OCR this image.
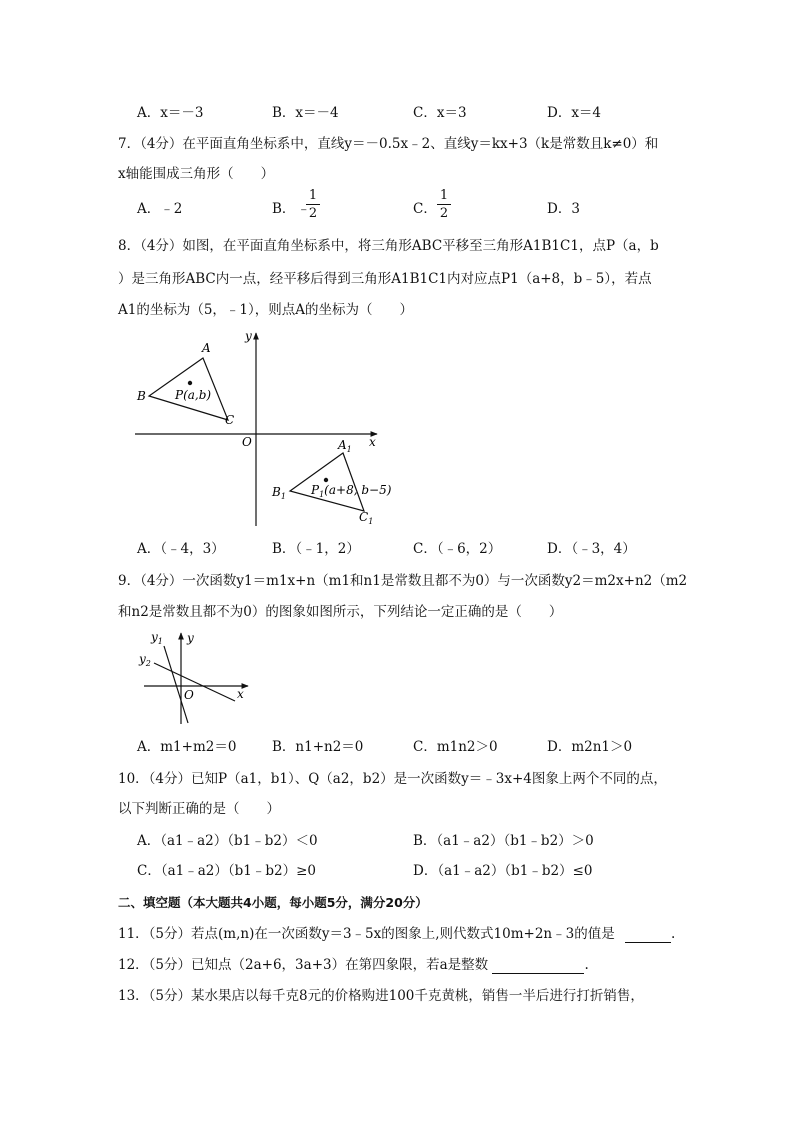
A．x＝－3	B．x＝－4	C．x＝3	D．x＝4
7．（4分）在平面直角坐标系中，直线y＝－0.5x﹣2、直线y＝kx+3（k是常数且k≠0）和
x轴能围成三角形（　　）
A．﹣2	B． ﹣
1
2	C．
1
2	D．3
8．（4分）如图，在平面直角坐标系中，将三角形ABC平移至三角形A1B1C1，点P（a，b
）是三角形ABC内一点，经平移后得到三角形A1B1C1内对应点P1（a+8，b﹣5），若点
A1的坐标为（5，﹣1），则点A的坐标为（　　）
y
x
O
A
B
C
P(a,b)
$A_1$
$B_1$
$C_1$
$P_1(a+8$, b−5)
A．（﹣4，3）	B．（﹣1，2）	C．（﹣6，2）	D．（﹣3，4）
9．（4分）一次函数y1＝m1x+n（m1和n1是常数且都不为0）与一次函数y2＝m2x+n2（m2
和n2是常数且都不为0）的图象如图所示，下列结论一定正确的是（　　）
$y_1$
$y_2$
y
x
O
A．m1+m2＝0	B．n1+n2＝0	C．m1n2＞0	D．m2n1＞0
10．（4分）已知P（a1，b1）、Q（a2，b2）是一次函数y＝﹣3x+4图象上两个不同的点，
以下判断正确的是（　　）
A．（a1﹣a2）（b1﹣b2）＜0	B．（a1﹣a2）（b1﹣b2）＞0
C．（a1﹣a2）（b1﹣b2）≥0	D．（a1﹣a2）（b1﹣b2）≤0
二、填空题（本大题共4小题，每小题5分，满分20分）
11．（5分）若点(m,n)在一次函数y＝3﹣5x的图象上,则代数式10m+2n﹣3的值是	.
12．（5分）已知点（2a+6，3a+3）在第四象限，若a是整数	.
13．（5分）某水果店以每千克8元的价格购进100千克黄桃，销售一半后进行打折销售，
